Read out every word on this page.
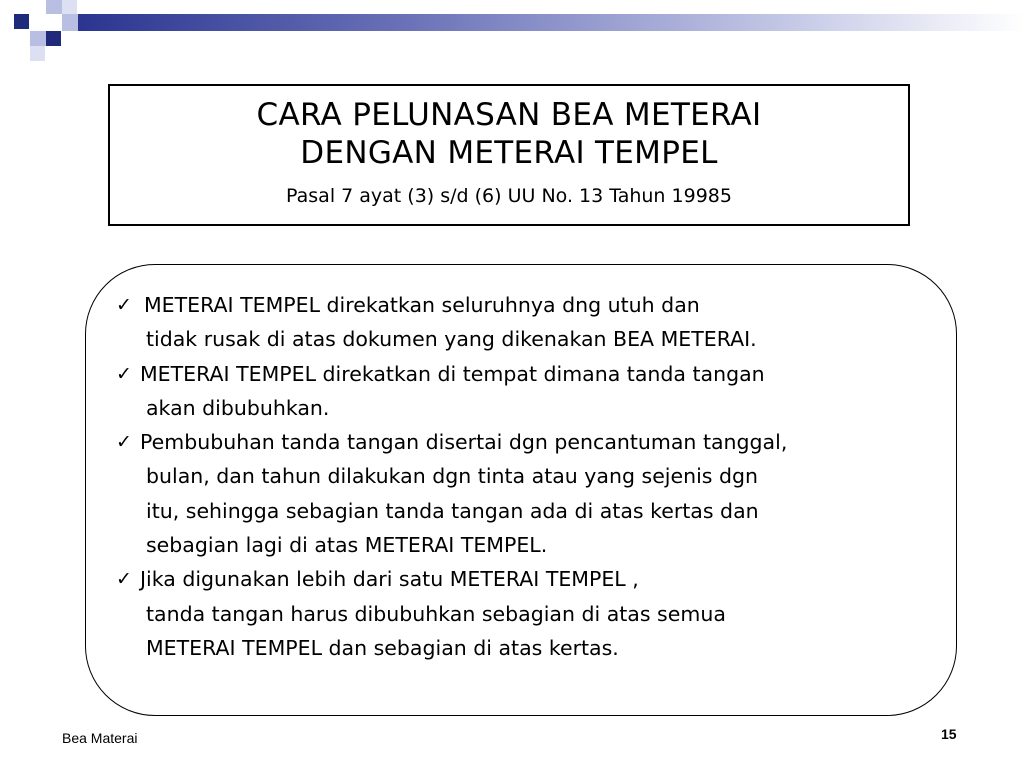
CARA PELUNASAN BEA METERAI
DENGAN METERAI TEMPEL
Pasal 7 ayat (3) s/d (6) UU No. 13 Tahun 19985
✓ METERAI TEMPEL direkatkan seluruhnya dng utuh dan
tidak rusak di atas dokumen yang dikenakan BEA METERAI.
✓ METERAI TEMPEL direkatkan di tempat dimana tanda tangan
akan dibubuhkan.
✓ Pembubuhan tanda tangan disertai dgn pencantuman tanggal,
bulan, dan tahun dilakukan dgn tinta atau yang sejenis dgn
itu, sehingga sebagian tanda tangan ada di atas kertas dan
sebagian lagi di atas METERAI TEMPEL.
✓ Jika digunakan lebih dari satu METERAI TEMPEL ,
tanda tangan harus dibubuhkan sebagian di atas semua
METERAI TEMPEL dan sebagian di atas kertas.
Bea Materai	15
